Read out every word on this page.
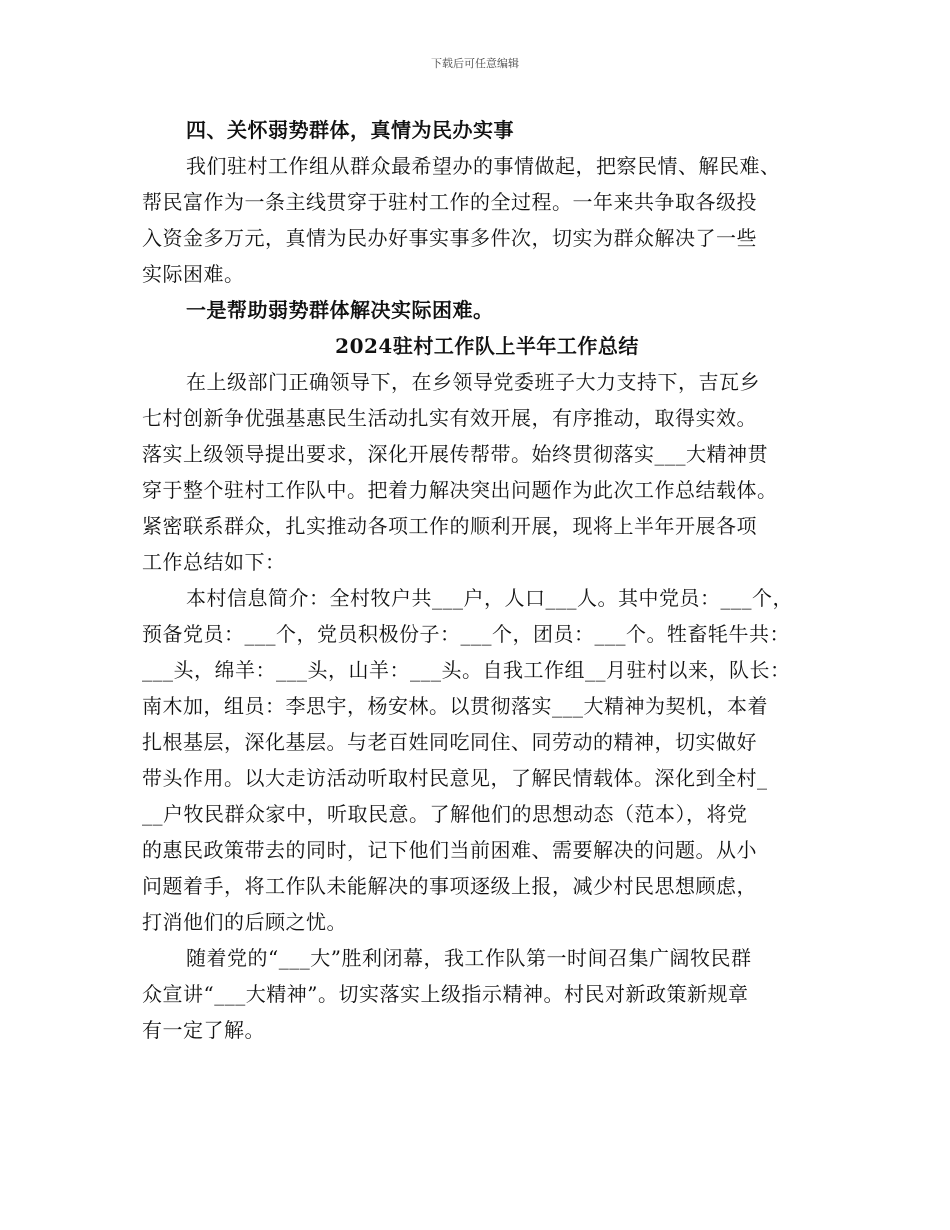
下载后可任意编辑
四、关怀弱势群体，真情为民办实事
我们驻村工作组从群众最希望办的事情做起，把察民情、解民难、
帮民富作为一条主线贯穿于驻村工作的全过程。一年来共争取各级投
入资金多万元，真情为民办好事实事多件次，切实为群众解决了一些
实际困难。
一是帮助弱势群体解决实际困难。
2024驻村工作队上半年工作总结
在上级部门正确领导下，在乡领导党委班子大力支持下，吉瓦乡
七村创新争优强基惠民生活动扎实有效开展，有序推动，取得实效。
落实上级领导提出要求，深化开展传帮带。始终贯彻落实___大精神贯
穿于整个驻村工作队中。把着力解决突出问题作为此次工作总结载体。
紧密联系群众，扎实推动各项工作的顺利开展，现将上半年开展各项
工作总结如下：
本村信息简介：全村牧户共___户，人口___人。其中党员：___个，
预备党员：___个，党员积极份子：___个，团员：___个。牲畜牦牛共：
___头，绵羊：___头，山羊：___头。自我工作组__月驻村以来，队长：
南木加，组员：李思宇，杨安林。以贯彻落实___大精神为契机，本着
扎根基层，深化基层。与老百姓同吃同住、同劳动的精神，切实做好
带头作用。以大走访活动听取村民意见，了解民情载体。深化到全村_
__户牧民群众家中，听取民意。了解他们的思想动态（范本），将党
的惠民政策带去的同时，记下他们当前困难、需要解决的问题。从小
问题着手，将工作队未能解决的事项逐级上报，减少村民思想顾虑，
打消他们的后顾之忧。
随着党的“___大”胜利闭幕，我工作队第一时间召集广阔牧民群
众宣讲“___大精神”。切实落实上级指示精神。村民对新政策新规章
有一定了解。
